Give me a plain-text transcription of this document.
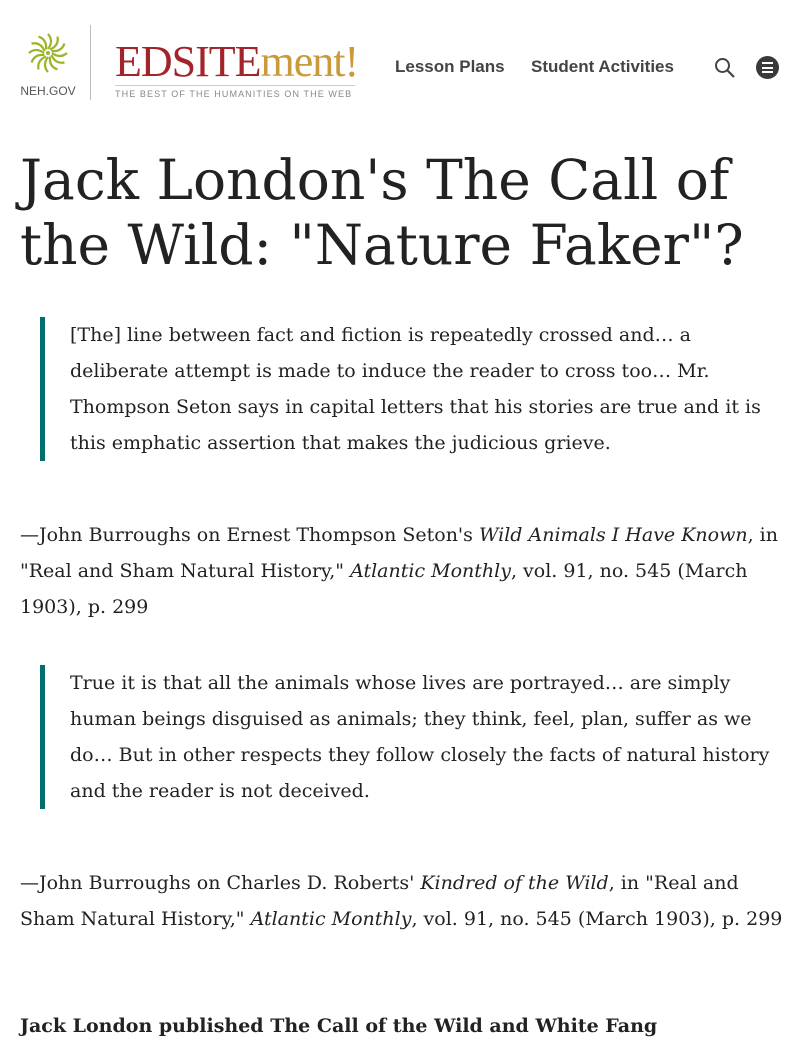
NEH.GOV
EDSITEment!
THE BEST OF THE HUMANITIES ON THE WEB
Lesson Plans Student Activities
Jack London's The Call of the Wild: "Nature Faker"?
[The] line between fact and fiction is repeatedly crossed and… a deliberate attempt is made to induce the reader to cross too… Mr. Thompson Seton says in capital letters that his stories are true and it is this emphatic assertion that makes the judicious grieve.
—John Burroughs on Ernest Thompson Seton's Wild Animals I Have Known, in "Real and Sham Natural History," Atlantic Monthly, vol. 91, no. 545 (March 1903), p. 299
True it is that all the animals whose lives are portrayed… are simply human beings disguised as animals; they think, feel, plan, suffer as we do… But in other respects they follow closely the facts of natural history and the reader is not deceived.
—John Burroughs on Charles D. Roberts' Kindred of the Wild, in "Real and Sham Natural History," Atlantic Monthly, vol. 91, no. 545 (March 1903), p. 299
Jack London published The Call of the Wild and White Fang
